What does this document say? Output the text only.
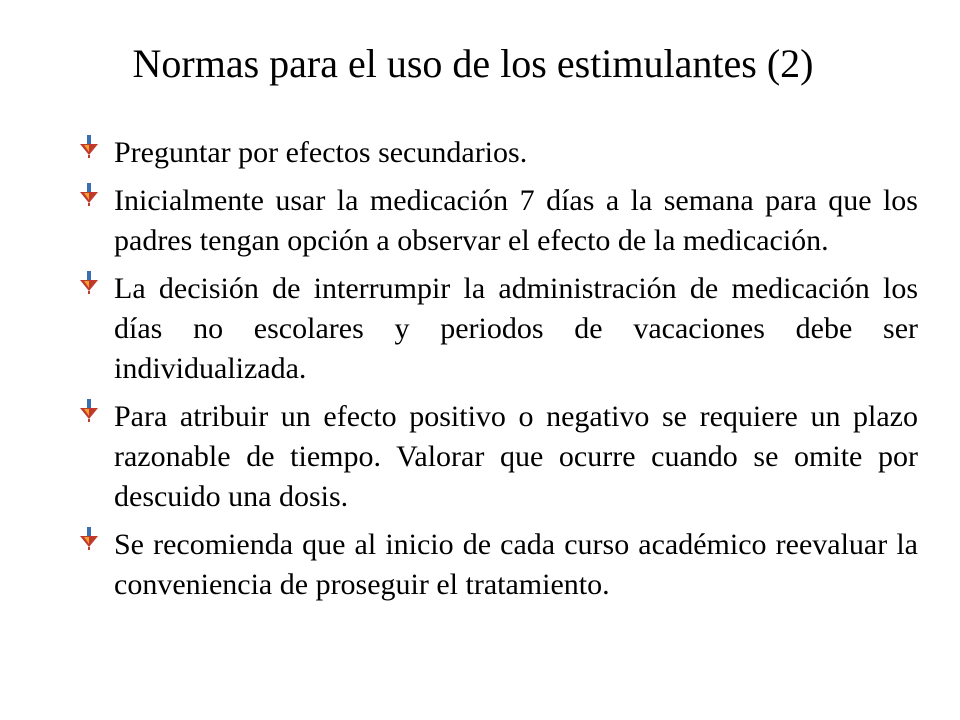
Normas para el uso de los estimulantes (2)
Preguntar por efectos secundarios.
Inicialmente usar la medicación 7 días a la semana para que los padres tengan opción a observar el efecto de la medicación.
La decisión de interrumpir la administración de medicación los días no escolares y periodos de vacaciones debe ser individualizada.
Para atribuir un efecto positivo o negativo se requiere un plazo razonable de tiempo. Valorar que ocurre cuando se omite por descuido una dosis.
Se recomienda que al inicio de cada curso académico reevaluar la conveniencia de proseguir el tratamiento.
